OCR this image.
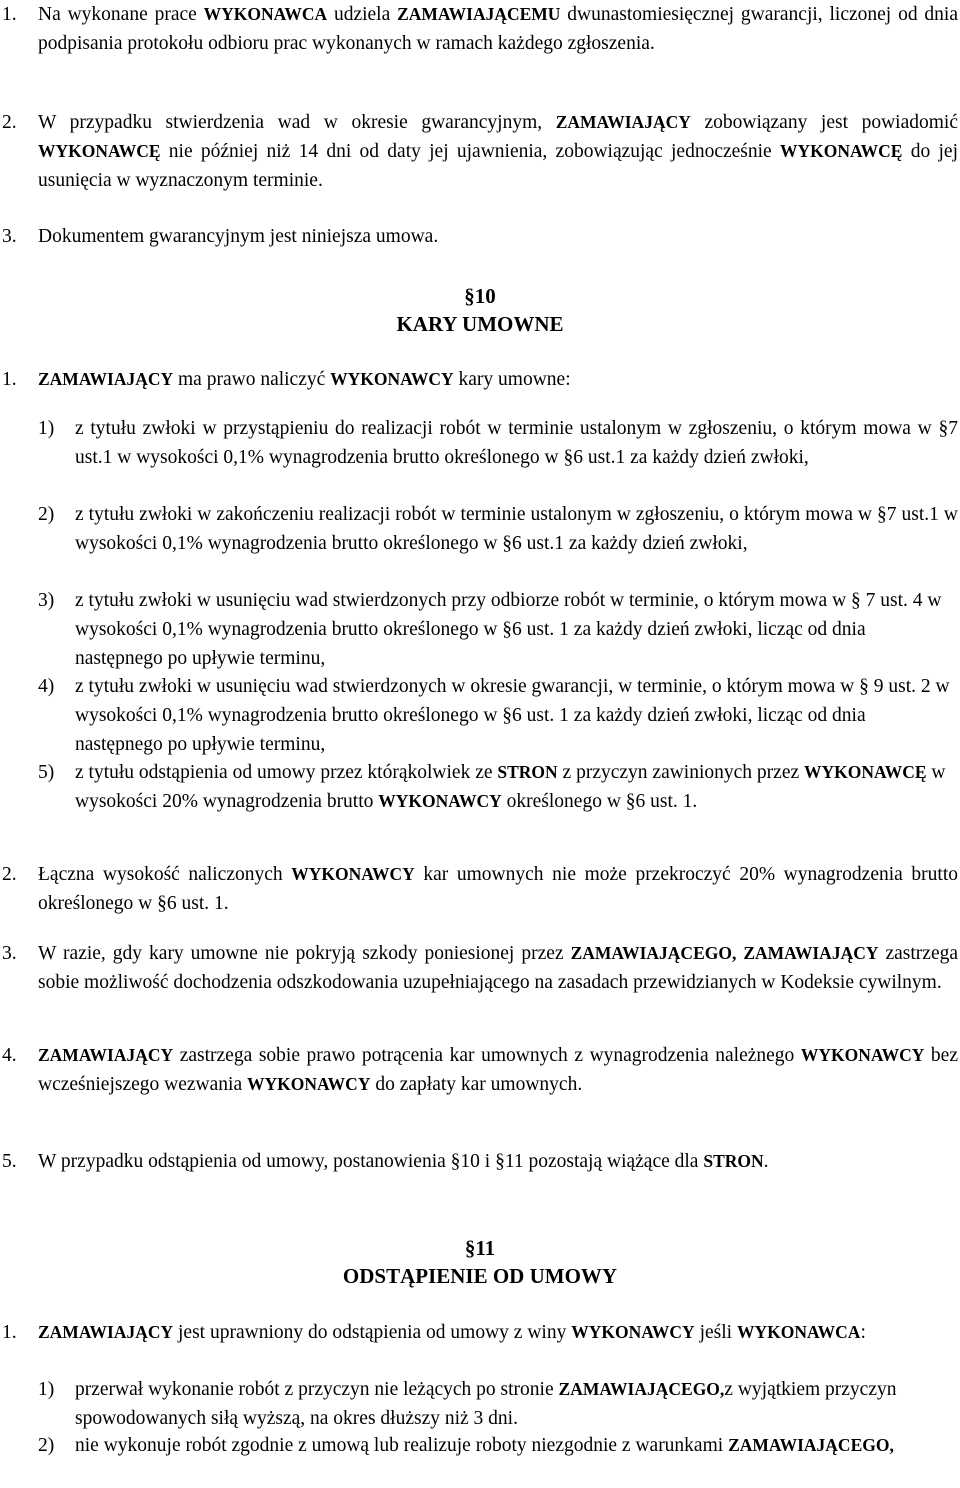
1. Na wykonane prace WYKONAWCA udziela ZAMAWIAJĄCEMU dwunastomiesięcznej gwarancji, liczonej od dnia podpisania protokołu odbioru prac wykonanych w ramach każdego zgłoszenia.

2. W przypadku stwierdzenia wad w okresie gwarancyjnym, ZAMAWIAJĄCY zobowiązany jest powiadomić WYKONAWCĘ nie później niż 14 dni od daty jej ujawnienia, zobowiązując jednocześnie WYKONAWCĘ do jej usunięcia w wyznaczonym terminie.

3. Dokumentem gwarancyjnym jest niniejsza umowa.

§10
KARY UMOWNE
1. ZAMAWIAJĄCY ma prawo naliczyć WYKONAWCY kary umowne:

1) z tytułu zwłoki w przystąpieniu do realizacji robót w terminie ustalonym w zgłoszeniu, o którym mowa w §7 ust.1 w wysokości 0,1% wynagrodzenia brutto określonego w §6 ust.1 za każdy dzień zwłoki,

2) z tytułu zwłoki w zakończeniu realizacji robót w terminie ustalonym w zgłoszeniu, o którym mowa w §7 ust.1 w wysokości 0,1% wynagrodzenia brutto określonego w §6 ust.1 za każdy dzień zwłoki,

3) z tytułu zwłoki w usunięciu wad stwierdzonych przy odbiorze robót w terminie, o którym mowa w § 7 ust. 4 w wysokości 0,1% wynagrodzenia brutto określonego w §6 ust. 1 za każdy dzień zwłoki, licząc od dnia następnego po upływie terminu,

4) z tytułu zwłoki w usunięciu wad stwierdzonych w okresie gwarancji, w terminie, o którym mowa w § 9 ust. 2 w wysokości 0,1% wynagrodzenia brutto określonego w §6 ust. 1 za każdy dzień zwłoki, licząc od dnia następnego po upływie terminu,

5) z tytułu odstąpienia od umowy przez którąkolwiek ze STRON z przyczyn zawinionych przez WYKONAWCĘ w wysokości 20% wynagrodzenia brutto WYKONAWCY określonego w §6 ust. 1.

2. Łączna wysokość naliczonych WYKONAWCY kar umownych nie może przekroczyć 20% wynagrodzenia brutto określonego w §6 ust. 1.

3. W razie, gdy kary umowne nie pokryją szkody poniesionej przez ZAMAWIAJĄCEGO, ZAMAWIAJĄCY zastrzega sobie możliwość dochodzenia odszkodowania uzupełniającego na zasadach przewidzianych w Kodeksie cywilnym.

4. ZAMAWIAJĄCY zastrzega sobie prawo potrącenia kar umownych z wynagrodzenia należnego WYKONAWCY bez wcześniejszego wezwania WYKONAWCY do zapłaty kar umownych.

5. W przypadku odstąpienia od umowy, postanowienia §10 i §11 pozostają wiążące dla STRON.

§11
ODSTĄPIENIE OD UMOWY
1. ZAMAWIAJĄCY jest uprawniony do odstąpienia od umowy z winy WYKONAWCY jeśli WYKONAWCA:

1) przerwał wykonanie robót z przyczyn nie leżących po stronie ZAMAWIAJĄCEGO,z wyjątkiem przyczyn spowodowanych siłą wyższą, na okres dłuższy niż 3 dni.

2) nie wykonuje robót zgodnie z umową lub realizuje roboty niezgodnie z warunkami ZAMAWIAJĄCEGO,
